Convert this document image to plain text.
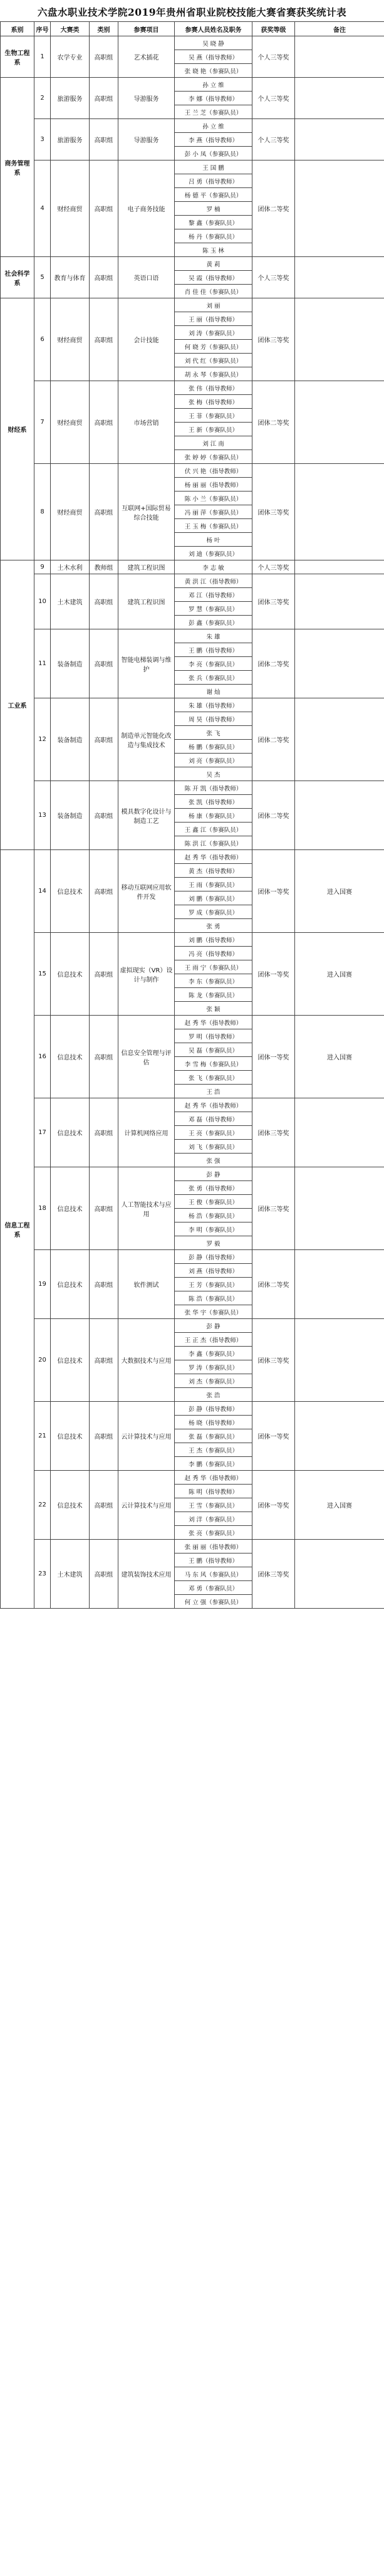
六盘水职业技术学院2019年贵州省职业院校技能大赛省赛获奖统计表
系别	序号	大赛类	类别	参赛项目	参赛人员姓名及职务	获奖等级	备注
生物工程系	1	农学专业	高职组	艺术插花	吴 晓 静	个人三等奖	
					吴 燕（指导教师）		
					张 晓 艳（参赛队员）		
商务管理系	2	旅游服务	高职组	导游服务	孙 立 维	个人三等奖	
					李 娜（指导教师）		
					王 兰 芝（参赛队员）		
	3	旅游服务	高职组	导游服务	孙 立 维	个人三等奖	
					李 燕（指导教师）		
					彭 小 凤（参赛队员）		
	4	财经商贸	高职组	电子商务技能	王 国 鹏	团体二等奖	
					吕 勇（指导教师）		
					杨 德 平（参赛队员）		
					罗 楠		
					黎 鑫（参赛队员）		
					杨 丹（参赛队员）		
					陈 玉 林		
社会科学系	5	教育与体育	高职组	英语口语	黄 莉	个人三等奖	
					吴 霞（指导教师）		
					肖 佳 佳（参赛队员）		
财经系	6	财经商贸	高职组	会计技能	刘 丽	团体三等奖	
					王 丽（指导教师）		
					刘 涛（参赛队员）		
					何 晓 芳（参赛队员）		
					刘 代 红（参赛队员）		
					胡 永 琴（参赛队员）		
	7	财经商贸	高职组	市场营销	张 伟（指导教师）	团体二等奖	
					张 梅（指导教师）		
					王 菲（参赛队员）		
					王 新（参赛队员）		
					刘 江 南		
					张 婷 婷（参赛队员）		
	8	财经商贸	高职组	互联网+国际贸易综合技能	伏 兴 艳（指导教师）	团体三等奖	
					杨 丽 丽（指导教师）		
					陈 小 兰（参赛队员）		
					冯 丽 萍（参赛队员）		
					王 玉 梅（参赛队员）		
					杨 叶		
					刘 迪（参赛队员）		
工业系	9	土木水利	教师组	建筑工程识图	李 志 敏	个人三等奖	
	10	土木建筑	高职组	建筑工程识图	黄 洪 江（指导教师）	团体三等奖	
					邓 江（指导教师）		
					罗 慧（参赛队员）		
					彭 鑫（参赛队员）		
	11	装备制造	高职组	智能电梯装调与维护	朱 雄	团体二等奖	
					王 鹏（指导教师）		
					李 亮（参赛队员）		
					张 兵（参赛队员）		
					谢 灿		
	12	装备制造	高职组	制造单元智能化改造与集成技术	朱 雄（指导教师）	团体二等奖	
					周 昊（指导教师）		
					张 飞		
					杨 鹏（参赛队员）		
					刘 亮（参赛队员）		
					吴 杰		
	13	装备制造	高职组	模具数字化设计与制造工艺	陈 开 凯（指导教师）	团体二等奖	
					张 凯（指导教师）		
					杨 康（参赛队员）		
					王 鑫 江（参赛队员）		
					陈 洪 江（参赛队员）		
信息工程系	14	信息技术	高职组	移动互联网应用软件开发	赵 秀 华（指导教师）	团体一等奖	进入国赛
					黄 杰（指导教师）		
					王 雨（参赛队员）		
					刘 鹏（参赛队员）		
					罗 成（参赛队员）		
					张 勇		
	15	信息技术	高职组	虚拟现实（VR）设计与制作	刘 鹏（指导教师）	团体一等奖	进入国赛
					冯 亮（指导教师）		
					王 雨 宁（参赛队员）		
					李 东（参赛队员）		
					陈 龙（参赛队员）		
					张 颖		
	16	信息技术	高职组	信息安全管理与评估	赵 秀 华（指导教师）	团体一等奖	进入国赛
					罗 明（指导教师）		
					吴 磊（参赛队员）		
					李 雪 梅（参赛队员）		
					张 飞（参赛队员）		
					王 浩		
	17	信息技术	高职组	计算机网络应用	赵 秀 华（指导教师）	团体三等奖	
					邓 磊（指导教师）		
					王 亮（参赛队员）		
					刘 飞（参赛队员）		
					张 强		
	18	信息技术	高职组	人工智能技术与应用	彭 静	团体三等奖	
					张 勇（指导教师）		
					王 俊（参赛队员）		
					杨 浩（参赛队员）		
					李 明（参赛队员）		
					罗 毅		
	19	信息技术	高职组	软件测试	彭 静（指导教师）	团体二等奖	
					刘 燕（指导教师）		
					王 芳（参赛队员）		
					陈 浩（参赛队员）		
					张 华 宇（参赛队员）		
	20	信息技术	高职组	大数据技术与应用	彭 静	团体三等奖	
					王 正 杰（指导教师）		
					李 鑫（参赛队员）		
					罗 涛（参赛队员）		
					刘 杰（参赛队员）		
					张 浩		
	21	信息技术	高职组	云计算技术与应用	彭 静（指导教师）	团体一等奖	
					杨 晓（指导教师）		
					张 磊（参赛队员）		
					王 杰（参赛队员）		
					李 鹏（参赛队员）		
	22	信息技术	高职组	云计算技术与应用	赵 秀 华（指导教师）	团体一等奖	进入国赛
					陈 明（指导教师）		
					王 雪（参赛队员）		
					刘 洋（参赛队员）		
					张 亮（参赛队员）		
	23	土木建筑	高职组	建筑装饰技术应用	张 丽 丽（指导教师）	团体三等奖	
					王 鹏（指导教师）		
					马 东 风（参赛队员）		
					邓 勇（参赛队员）		
					何 立 强（参赛队员）		
